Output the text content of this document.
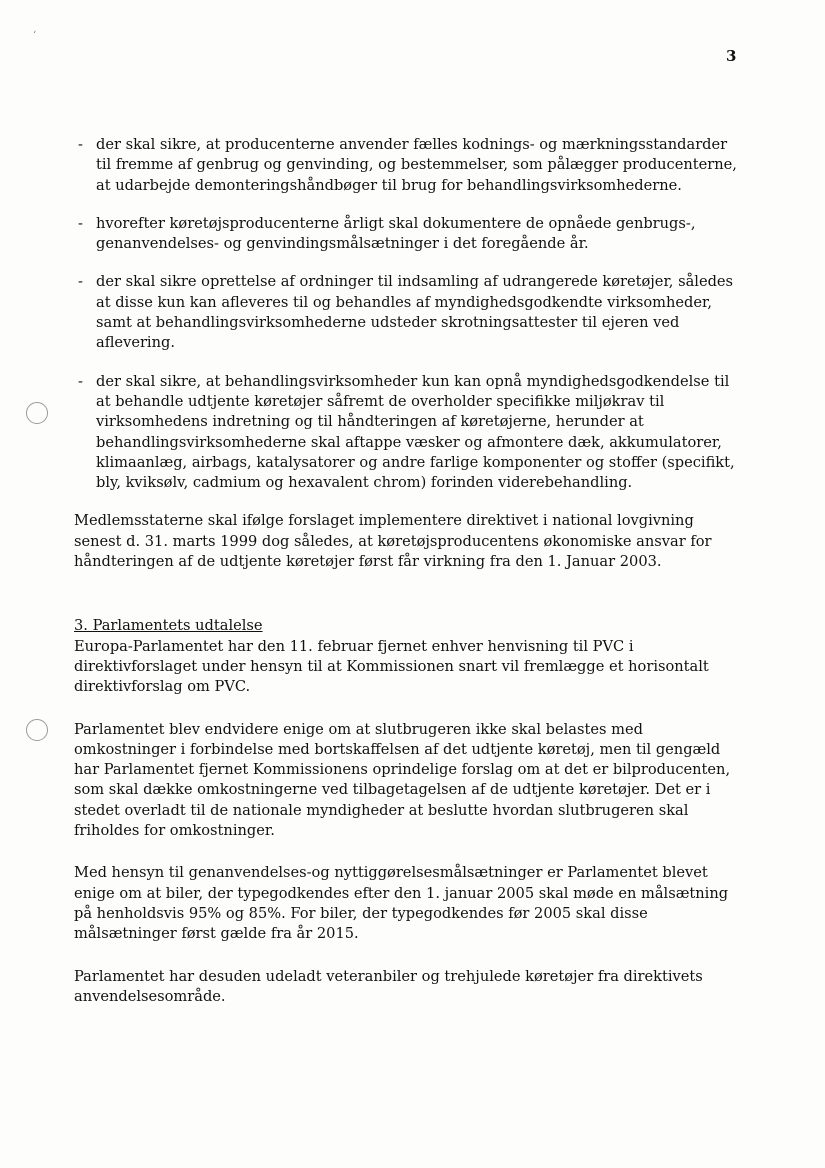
ʻ
3
- der skal sikre, at producenterne anvender fælles kodnings- og mærkningsstandarder til fremme af genbrug og genvinding, og bestemmelser, som pålægger producenterne, at udarbejde demonteringshåndbøger til brug for behandlingsvirksomhederne.
- hvorefter køretøjsproducenterne årligt skal dokumentere de opnåede genbrugs-, genanvendelses- og genvindingsmålsætninger i det foregående år.
- der skal sikre oprettelse af ordninger til indsamling af udrangerede køretøjer, således at disse kun kan afleveres til og behandles af myndighedsgodkendte virksomheder, samt at behandlingsvirksomhederne udsteder skrotningsattester til ejeren ved aflevering.
- der skal sikre, at behandlingsvirksomheder kun kan opnå myndighedsgodkendelse til at behandle udtjente køretøjer såfremt de overholder specifikke miljøkrav til virksomhedens indretning og til håndteringen af køretøjerne, herunder at behandlingsvirksomhederne skal aftappe væsker og afmontere dæk, akkumulatorer, klimaanlæg, airbags, katalysatorer og andre farlige komponenter og stoffer (specifikt, bly, kviksølv, cadmium og hexavalent chrom) forinden viderebehandling.
Medlemsstaterne skal ifølge forslaget implementere direktivet i national lovgivning senest d. 31. marts 1999 dog således, at køretøjsproducentens økonomiske ansvar for håndteringen af de udtjente køretøjer først får virkning fra den 1. Januar 2003.
3. Parlamentets udtalelse
Europa-Parlamentet har den 11. februar fjernet enhver henvisning til PVC i direktivforslaget under hensyn til at Kommissionen snart vil fremlægge et horisontalt direktivforslag om PVC.
Parlamentet blev endvidere enige om at slutbrugeren ikke skal belastes med omkostninger i forbindelse med bortskaffelsen af det udtjente køretøj, men til gengæld har Parlamentet fjernet Kommissionens oprindelige forslag om at det er bilproducenten, som skal dække omkostningerne ved tilbagetagelsen af de udtjente køretøjer. Det er i stedet overladt til de nationale myndigheder at beslutte hvordan slutbrugeren skal friholdes for omkostninger.
Med hensyn til genanvendelses-og nyttiggørelsesmålsætninger er Parlamentet blevet enige om at biler, der typegodkendes efter den 1. januar 2005 skal møde en målsætning på henholdsvis 95% og 85%. For biler, der typegodkendes før 2005 skal disse målsætninger først gælde fra år 2015.
Parlamentet har desuden udeladt veteranbiler og trehjulede køretøjer fra direktivets anvendelsesområde.
